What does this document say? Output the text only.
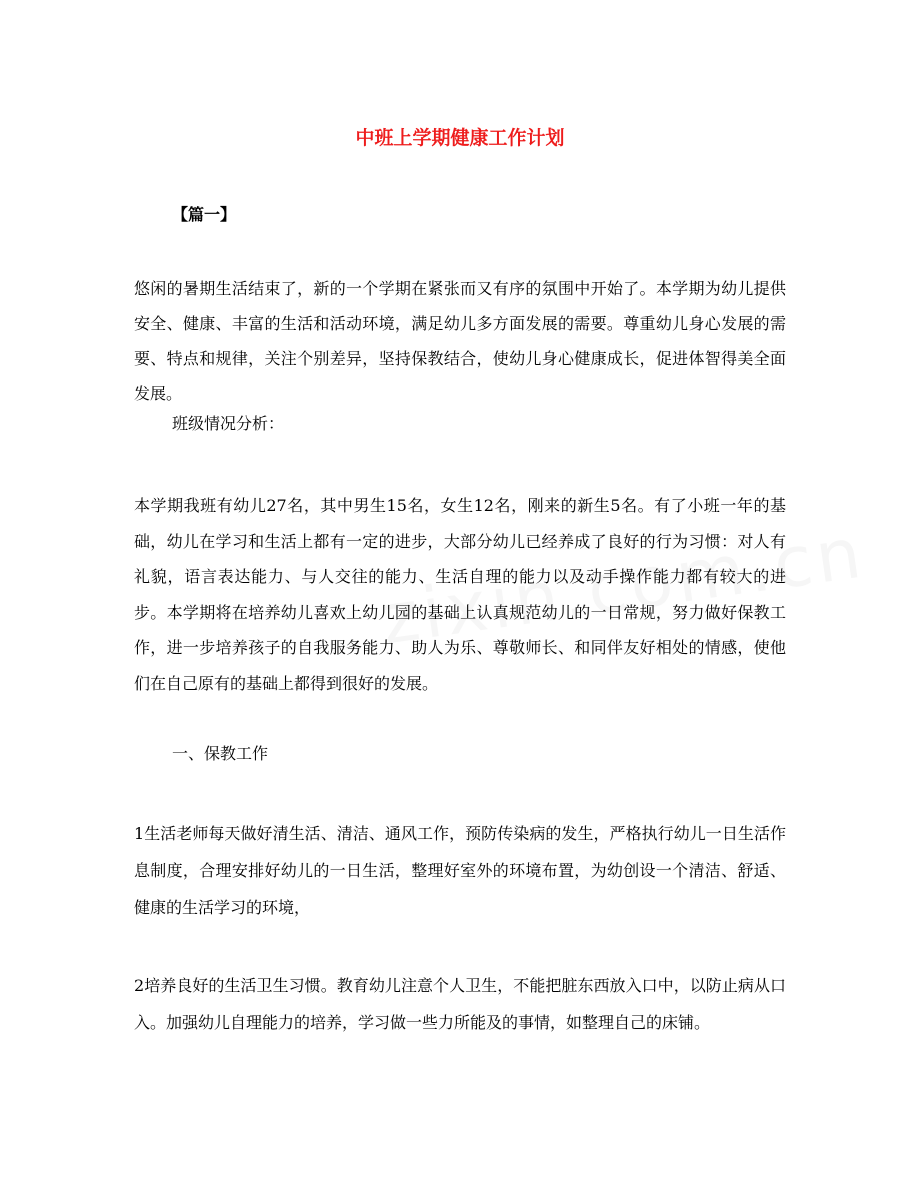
中班上学期健康工作计划
【篇一】
悠闲的暑期生活结束了，新的一个学期在紧张而又有序的氛围中开始了。本学期为幼儿提供安全、健康、丰富的生活和活动环境，满足幼儿多方面发展的需要。尊重幼儿身心发展的需要、特点和规律，关注个别差异，坚持保教结合，使幼儿身心健康成长，促进体智得美全面发展。
班级情况分析：
本学期我班有幼儿27名，其中男生15名，女生12名，刚来的新生5名。有了小班一年的基础，幼儿在学习和生活上都有一定的进步，大部分幼儿已经养成了良好的行为习惯：对人有礼貌，语言表达能力、与人交往的能力、生活自理的能力以及动手操作能力都有较大的进步。本学期将在培养幼儿喜欢上幼儿园的基础上认真规范幼儿的一日常规，努力做好保教工作，进一步培养孩子的自我服务能力、助人为乐、尊敬师长、和同伴友好相处的情感，使他们在自己原有的基础上都得到很好的发展。
一、保教工作
1生活老师每天做好清生活、清洁、通风工作，预防传染病的发生，严格执行幼儿一日生活作息制度，合理安排好幼儿的一日生活，整理好室外的环境布置，为幼创设一个清洁、舒适、健康的生活学习的环境，
2培养良好的生活卫生习惯。教育幼儿注意个人卫生，不能把脏东西放入口中，以防止病从口入。加强幼儿自理能力的培养，学习做一些力所能及的事情，如整理自己的床铺。
